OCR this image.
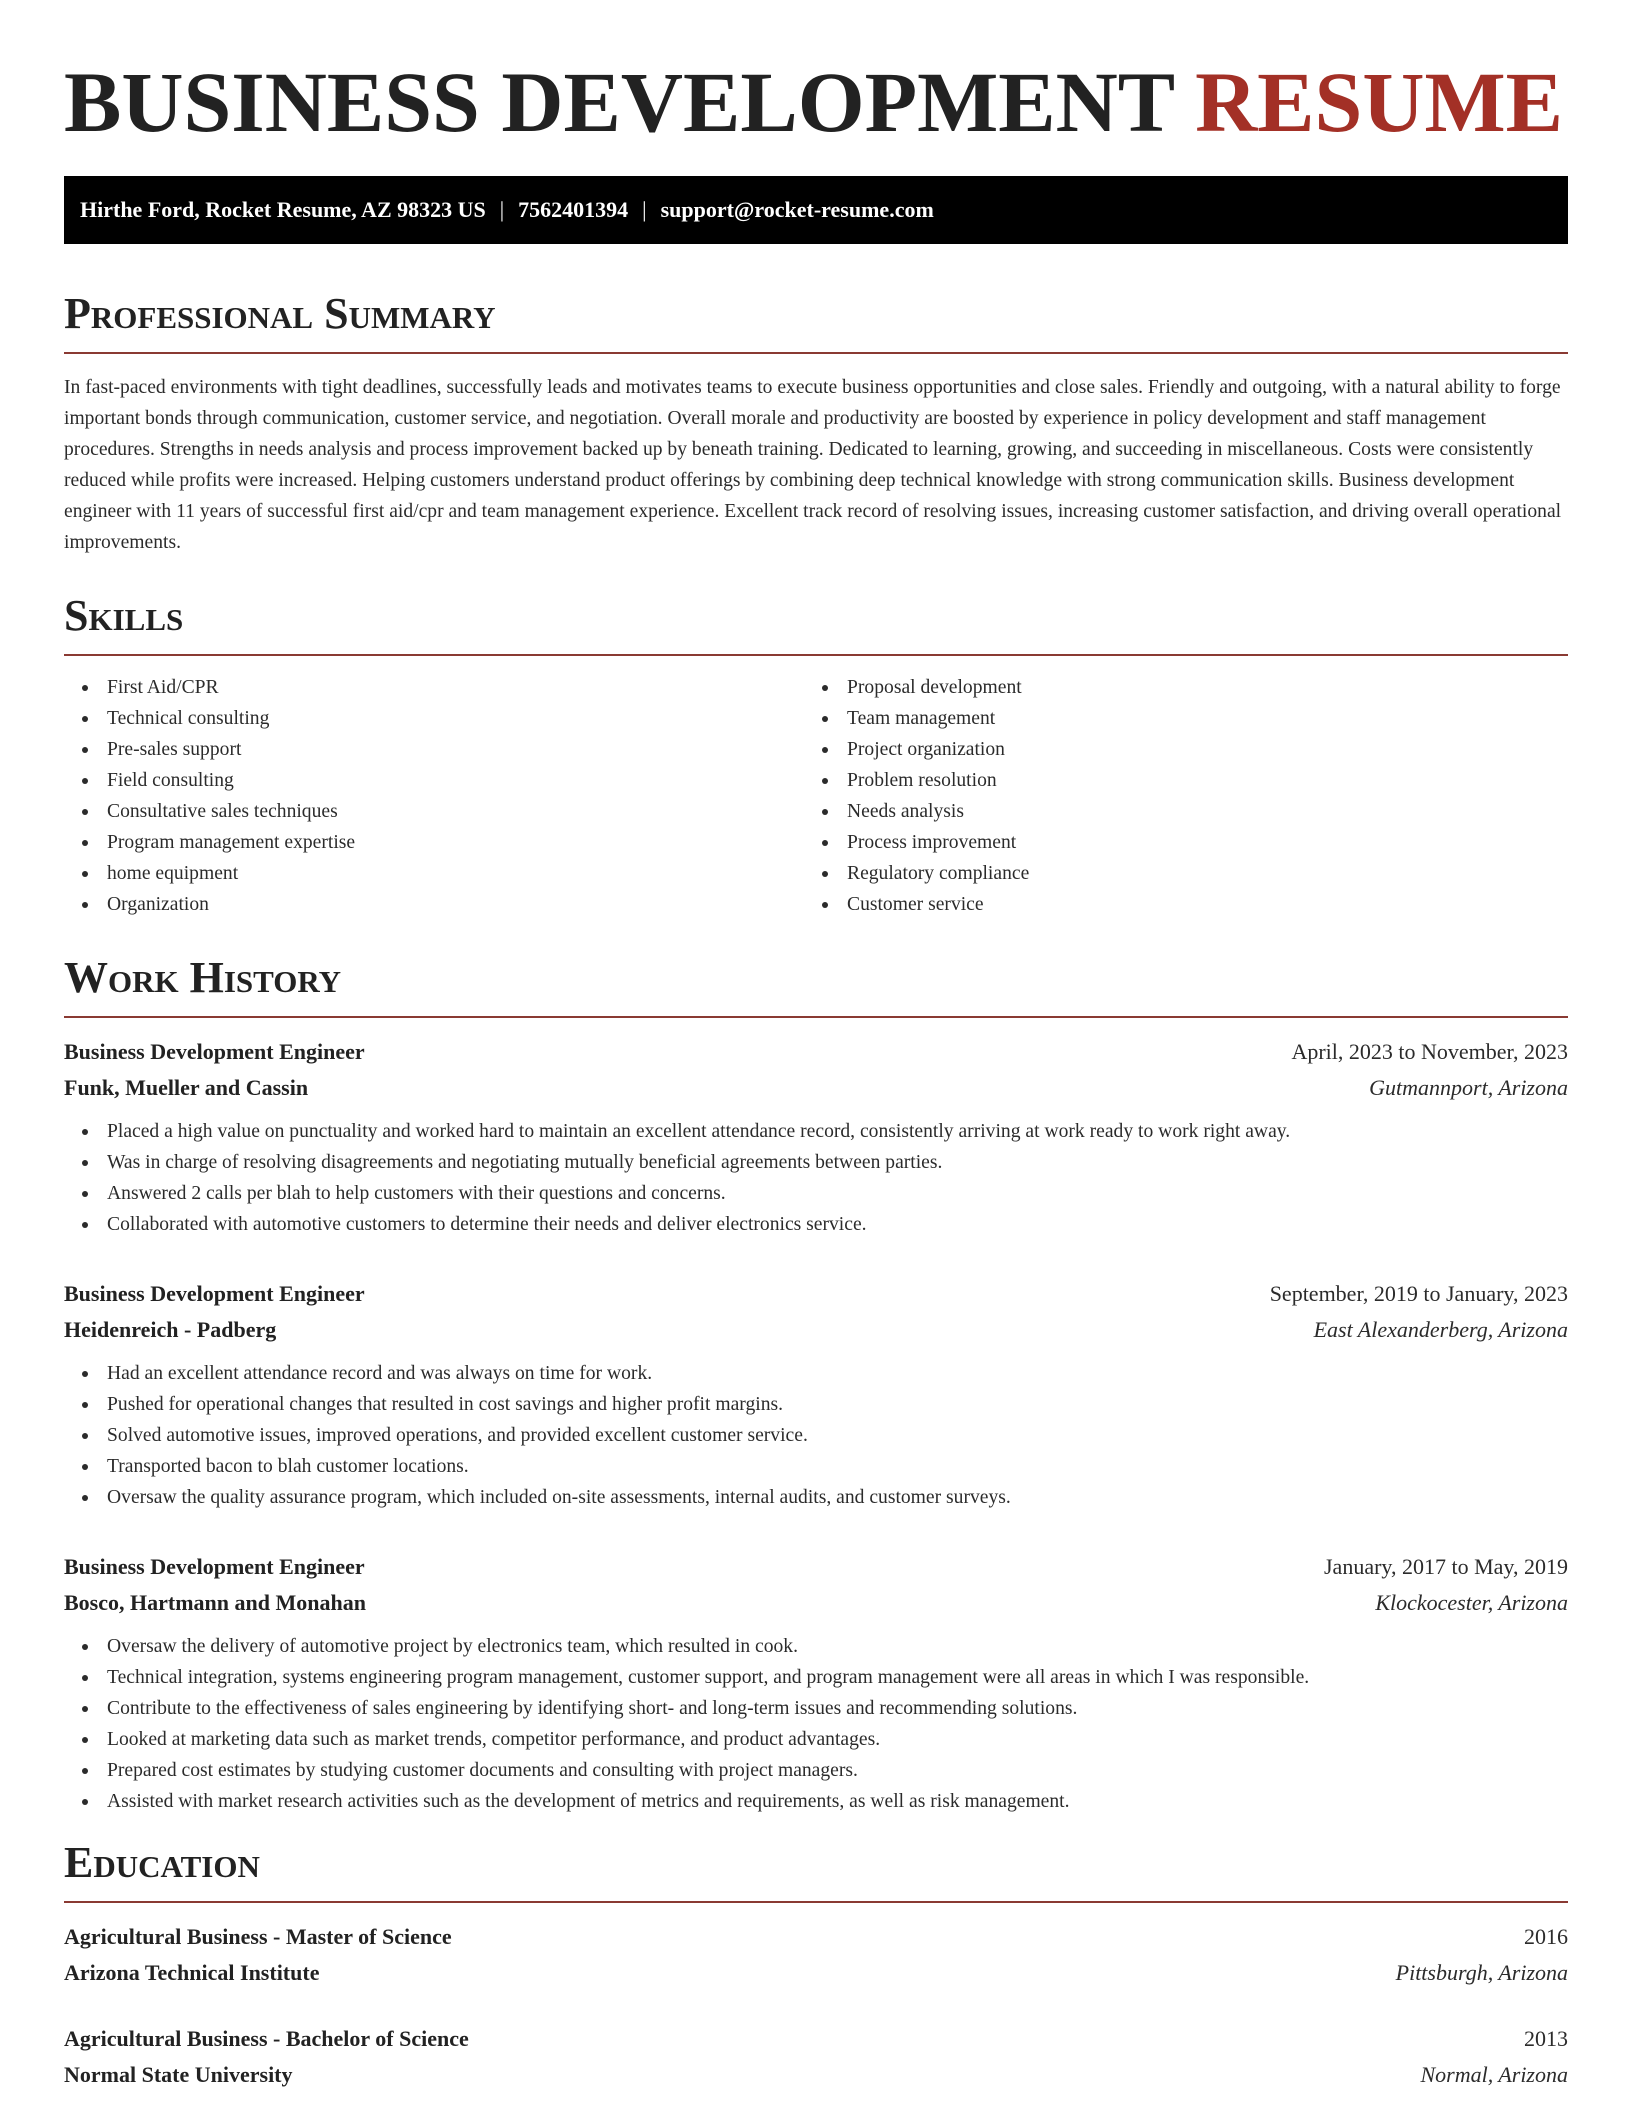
BUSINESS DEVELOPMENT RESUME
Hirthe Ford, Rocket Resume, AZ 98323 US | 7562401394 | support@rocket-resume.com
Professional Summary

In fast-paced environments with tight deadlines, successfully leads and motivates teams to execute business opportunities and close sales. Friendly and outgoing, with a natural ability to forge important bonds through communication, customer service, and negotiation. Overall morale and productivity are boosted by experience in policy development and staff management procedures. Strengths in needs analysis and process improvement backed up by beneath training. Dedicated to learning, growing, and succeeding in miscellaneous. Costs were consistently reduced while profits were increased. Helping customers understand product offerings by combining deep technical knowledge with strong communication skills. Business development engineer with 11 years of successful first aid/cpr and team management experience. Excellent track record of resolving issues, increasing customer satisfaction, and driving overall operational improvements.

Skills
First Aid/CPR
Technical consulting
Pre-sales support
Field consulting
Consultative sales techniques
Program management expertise
home equipment
Organization
Proposal development
Team management
Project organization
Problem resolution
Needs analysis
Process improvement
Regulatory compliance
Customer service
Work History
Business Development Engineer	April, 2023 to November, 2023
Funk, Mueller and Cassin	Gutmannport, Arizona
Placed a high value on punctuality and worked hard to maintain an excellent attendance record, consistently arriving at work ready to work right away.
Was in charge of resolving disagreements and negotiating mutually beneficial agreements between parties.
Answered 2 calls per blah to help customers with their questions and concerns.
Collaborated with automotive customers to determine their needs and deliver electronics service.
Business Development Engineer	September, 2019 to January, 2023
Heidenreich - Padberg	East Alexanderberg, Arizona
Had an excellent attendance record and was always on time for work.
Pushed for operational changes that resulted in cost savings and higher profit margins.
Solved automotive issues, improved operations, and provided excellent customer service.
Transported bacon to blah customer locations.
Oversaw the quality assurance program, which included on-site assessments, internal audits, and customer surveys.
Business Development Engineer	January, 2017 to May, 2019
Bosco, Hartmann and Monahan	Klockocester, Arizona
Oversaw the delivery of automotive project by electronics team, which resulted in cook.
Technical integration, systems engineering program management, customer support, and program management were all areas in which I was responsible.
Contribute to the effectiveness of sales engineering by identifying short- and long-term issues and recommending solutions.
Looked at marketing data such as market trends, competitor performance, and product advantages.
Prepared cost estimates by studying customer documents and consulting with project managers.
Assisted with market research activities such as the development of metrics and requirements, as well as risk management.
Education
Agricultural Business - Master of Science	2016
Arizona Technical Institute	Pittsburgh, Arizona
Agricultural Business - Bachelor of Science	2013
Normal State University	Normal, Arizona
